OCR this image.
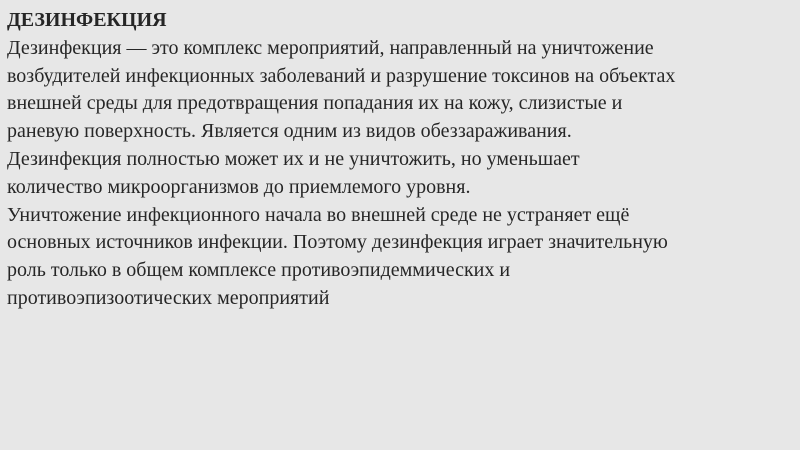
ДЕЗИНФЕКЦИЯ
Дезинфекция — это комплекс мероприятий, направленный на уничтожение
возбудителей инфекционных заболеваний и разрушение токсинов на объектах
внешней среды для предотвращения попадания их на кожу, слизистые и
раневую поверхность. Является одним из видов обеззараживания.
Дезинфекция полностью может их и не уничтожить, но уменьшает
количество микроорганизмов до приемлемого уровня.
Уничтожение инфекционного начала во внешней среде не устраняет ещё
основных источников инфекции. Поэтому дезинфекция играет значительную
роль только в общем комплексе противоэпидеммических и
противоэпизоотических мероприятий
